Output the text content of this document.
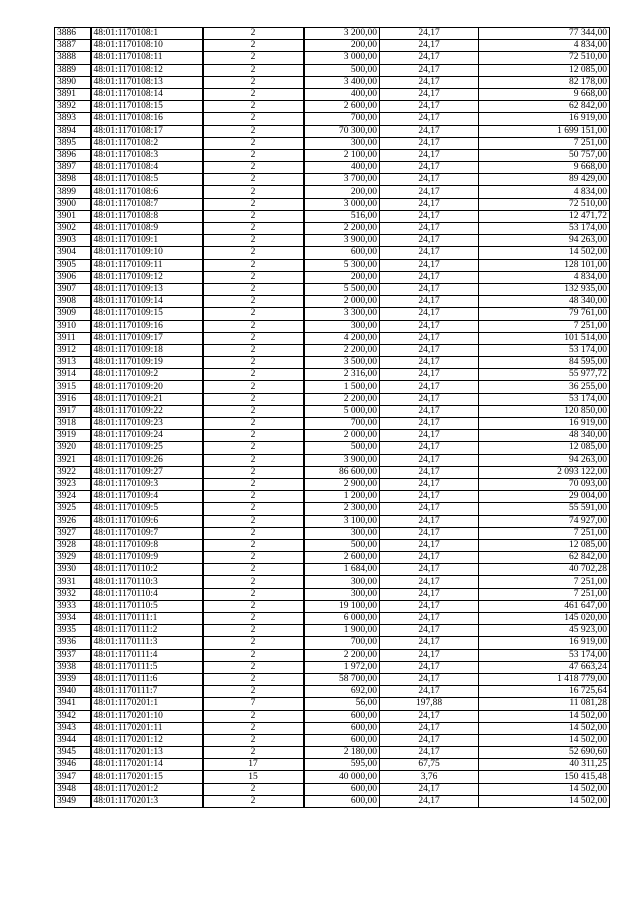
3886	48:01:1170108:1	2	3 200,00	24,17	77 344,00
3887	48:01:1170108:10	2	200,00	24,17	4 834,00
3888	48:01:1170108:11	2	3 000,00	24,17	72 510,00
3889	48:01:1170108:12	2	500,00	24,17	12 085,00
3890	48:01:1170108:13	2	3 400,00	24,17	82 178,00
3891	48:01:1170108:14	2	400,00	24,17	9 668,00
3892	48:01:1170108:15	2	2 600,00	24,17	62 842,00
3893	48:01:1170108:16	2	700,00	24,17	16 919,00
3894	48:01:1170108:17	2	70 300,00	24,17	1 699 151,00
3895	48:01:1170108:2	2	300,00	24,17	7 251,00
3896	48:01:1170108:3	2	2 100,00	24,17	50 757,00
3897	48:01:1170108:4	2	400,00	24,17	9 668,00
3898	48:01:1170108:5	2	3 700,00	24,17	89 429,00
3899	48:01:1170108:6	2	200,00	24,17	4 834,00
3900	48:01:1170108:7	2	3 000,00	24,17	72 510,00
3901	48:01:1170108:8	2	516,00	24,17	12 471,72
3902	48:01:1170108:9	2	2 200,00	24,17	53 174,00
3903	48:01:1170109:1	2	3 900,00	24,17	94 263,00
3904	48:01:1170109:10	2	600,00	24,17	14 502,00
3905	48:01:1170109:11	2	5 300,00	24,17	128 101,00
3906	48:01:1170109:12	2	200,00	24,17	4 834,00
3907	48:01:1170109:13	2	5 500,00	24,17	132 935,00
3908	48:01:1170109:14	2	2 000,00	24,17	48 340,00
3909	48:01:1170109:15	2	3 300,00	24,17	79 761,00
3910	48:01:1170109:16	2	300,00	24,17	7 251,00
3911	48:01:1170109:17	2	4 200,00	24,17	101 514,00
3912	48:01:1170109:18	2	2 200,00	24,17	53 174,00
3913	48:01:1170109:19	2	3 500,00	24,17	84 595,00
3914	48:01:1170109:2	2	2 316,00	24,17	55 977,72
3915	48:01:1170109:20	2	1 500,00	24,17	36 255,00
3916	48:01:1170109:21	2	2 200,00	24,17	53 174,00
3917	48:01:1170109:22	2	5 000,00	24,17	120 850,00
3918	48:01:1170109:23	2	700,00	24,17	16 919,00
3919	48:01:1170109:24	2	2 000,00	24,17	48 340,00
3920	48:01:1170109:25	2	500,00	24,17	12 085,00
3921	48:01:1170109:26	2	3 900,00	24,17	94 263,00
3922	48:01:1170109:27	2	86 600,00	24,17	2 093 122,00
3923	48:01:1170109:3	2	2 900,00	24,17	70 093,00
3924	48:01:1170109:4	2	1 200,00	24,17	29 004,00
3925	48:01:1170109:5	2	2 300,00	24,17	55 591,00
3926	48:01:1170109:6	2	3 100,00	24,17	74 927,00
3927	48:01:1170109:7	2	300,00	24,17	7 251,00
3928	48:01:1170109:8	2	500,00	24,17	12 085,00
3929	48:01:1170109:9	2	2 600,00	24,17	62 842,00
3930	48:01:1170110:2	2	1 684,00	24,17	40 702,28
3931	48:01:1170110:3	2	300,00	24,17	7 251,00
3932	48:01:1170110:4	2	300,00	24,17	7 251,00
3933	48:01:1170110:5	2	19 100,00	24,17	461 647,00
3934	48:01:1170111:1	2	6 000,00	24,17	145 020,00
3935	48:01:1170111:2	2	1 900,00	24,17	45 923,00
3936	48:01:1170111:3	2	700,00	24,17	16 919,00
3937	48:01:1170111:4	2	2 200,00	24,17	53 174,00
3938	48:01:1170111:5	2	1 972,00	24,17	47 663,24
3939	48:01:1170111:6	2	58 700,00	24,17	1 418 779,00
3940	48:01:1170111:7	2	692,00	24,17	16 725,64
3941	48:01:1170201:1	7	56,00	197,88	11 081,28
3942	48:01:1170201:10	2	600,00	24,17	14 502,00
3943	48:01:1170201:11	2	600,00	24,17	14 502,00
3944	48:01:1170201:12	2	600,00	24,17	14 502,00
3945	48:01:1170201:13	2	2 180,00	24,17	52 690,60
3946	48:01:1170201:14	17	595,00	67,75	40 311,25
3947	48:01:1170201:15	15	40 000,00	3,76	150 415,48
3948	48:01:1170201:2	2	600,00	24,17	14 502,00
3949	48:01:1170201:3	2	600,00	24,17	14 502,00
